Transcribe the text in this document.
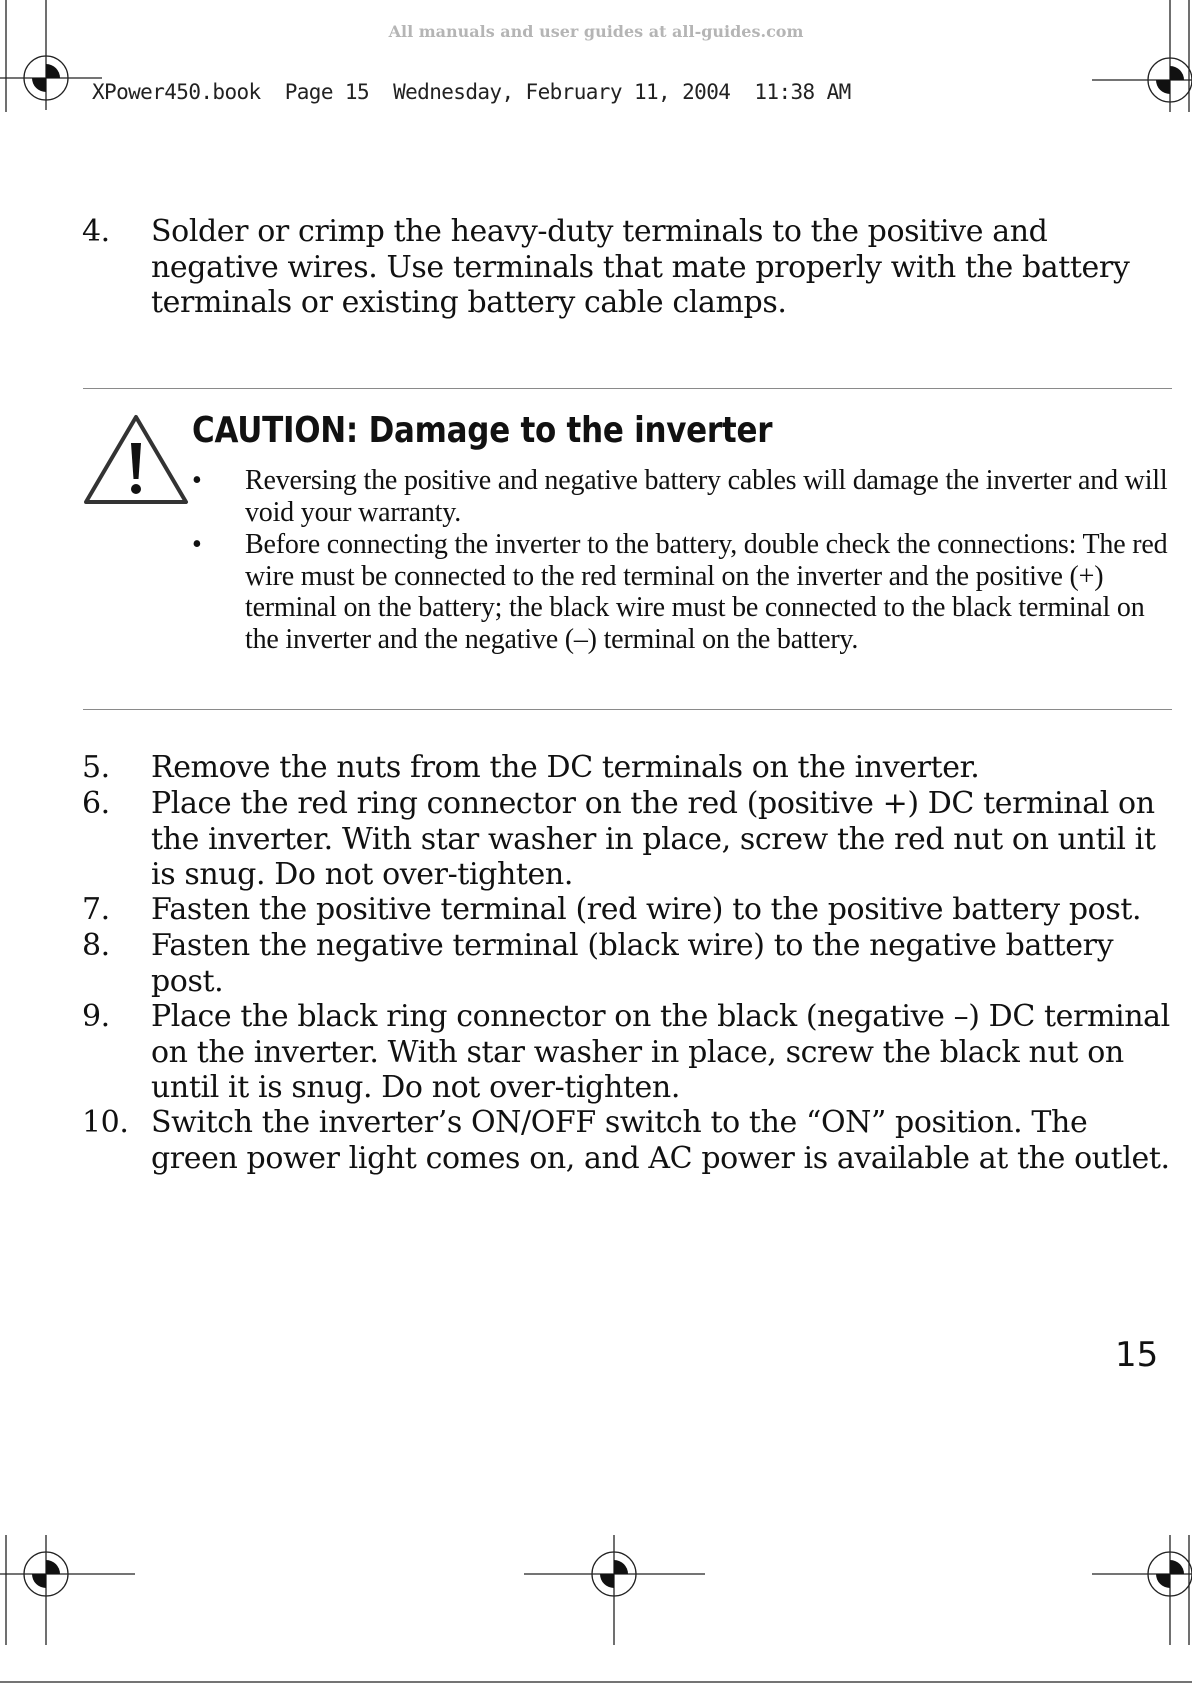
All manuals and user guides at all-guides.com
XPower450.book  Page 15  Wednesday, February 11, 2004  11:38 AM
4.	Solder or crimp the heavy-duty terminals to the positive and negative wires. Use terminals that mate properly with the battery terminals or existing battery cable clamps.
CAUTION: Damage to the inverter
• Reversing the positive and negative battery cables will damage the inverter and will void your warranty.
• Before connecting the inverter to the battery, double check the connections: The red wire must be connected to the red terminal on the inverter and the positive (+) terminal on the battery; the black wire must be connected to the black terminal on the inverter and the negative (–) terminal on the battery.
5.	Remove the nuts from the DC terminals on the inverter.
6.	Place the red ring connector on the red (positive +) DC terminal on the inverter. With star washer in place, screw the red nut on until it is snug. Do not over-tighten.
7.	Fasten the positive terminal (red wire) to the positive battery post.
8.	Fasten the negative terminal (black wire) to the negative battery post.
9.	Place the black ring connector on the black (negative –) DC terminal on the inverter. With star washer in place, screw the black nut on until it is snug. Do not over-tighten.
10. Switch the inverter’s ON/OFF switch to the “ON” position. The green power light comes on, and AC power is available at the outlet.
15
